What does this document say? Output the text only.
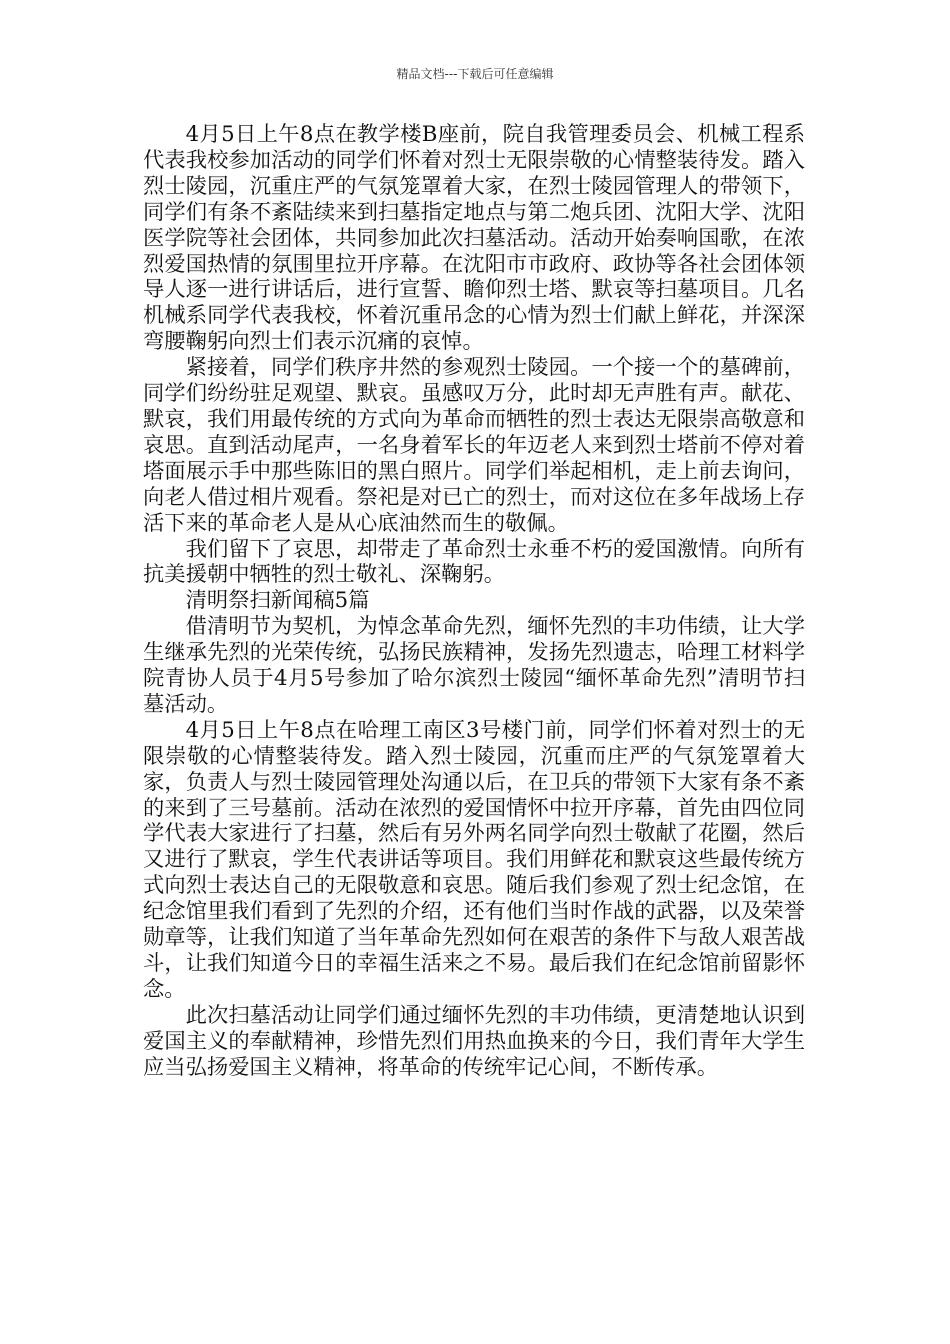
精品文档---下载后可任意编辑

4月5日上午8点在教学楼B座前，院自我管理委员会、机械工程系代表我校参加活动的同学们怀着对烈士无限崇敬的心情整装待发。踏入烈士陵园，沉重庄严的气氛笼罩着大家，在烈士陵园管理人的带领下，同学们有条不紊陆续来到扫墓指定地点与第二炮兵团、沈阳大学、沈阳医学院等社会团体，共同参加此次扫墓活动。活动开始奏响国歌，在浓烈爱国热情的氛围里拉开序幕。在沈阳市市政府、政协等各社会团体领导人逐一进行讲话后，进行宣誓、瞻仰烈士塔、默哀等扫墓项目。几名机械系同学代表我校，怀着沉重吊念的心情为烈士们献上鲜花，并深深弯腰鞠躬向烈士们表示沉痛的哀悼。

紧接着，同学们秩序井然的参观烈士陵园。一个接一个的墓碑前，同学们纷纷驻足观望、默哀。虽感叹万分，此时却无声胜有声。献花、默哀，我们用最传统的方式向为革命而牺牲的烈士表达无限崇高敬意和哀思。直到活动尾声，一名身着军长的年迈老人来到烈士塔前不停对着塔面展示手中那些陈旧的黑白照片。同学们举起相机，走上前去询问，向老人借过相片观看。祭祀是对已亡的烈士，而对这位在多年战场上存活下来的革命老人是从心底油然而生的敬佩。

我们留下了哀思，却带走了革命烈士永垂不朽的爱国激情。向所有抗美援朝中牺牲的烈士敬礼、深鞠躬。

清明祭扫新闻稿5篇

借清明节为契机，为悼念革命先烈，缅怀先烈的丰功伟绩，让大学生继承先烈的光荣传统，弘扬民族精神，发扬先烈遗志，哈理工材料学院青协人员于4月5号参加了哈尔滨烈士陵园“缅怀革命先烈”清明节扫墓活动。

4月5日上午8点在哈理工南区3号楼门前，同学们怀着对烈士的无限崇敬的心情整装待发。踏入烈士陵园，沉重而庄严的气氛笼罩着大家，负责人与烈士陵园管理处沟通以后，在卫兵的带领下大家有条不紊的来到了三号墓前。活动在浓烈的爱国情怀中拉开序幕，首先由四位同学代表大家进行了扫墓，然后有另外两名同学向烈士敬献了花圈，然后又进行了默哀，学生代表讲话等项目。我们用鲜花和默哀这些最传统方式向烈士表达自己的无限敬意和哀思。随后我们参观了烈士纪念馆，在纪念馆里我们看到了先烈的介绍，还有他们当时作战的武器，以及荣誉勋章等，让我们知道了当年革命先烈如何在艰苦的条件下与敌人艰苦战斗，让我们知道今日的幸福生活来之不易。最后我们在纪念馆前留影怀念。

此次扫墓活动让同学们通过缅怀先烈的丰功伟绩，更清楚地认识到爱国主义的奉献精神，珍惜先烈们用热血换来的今日，我们青年大学生应当弘扬爱国主义精神，将革命的传统牢记心间，不断传承。
